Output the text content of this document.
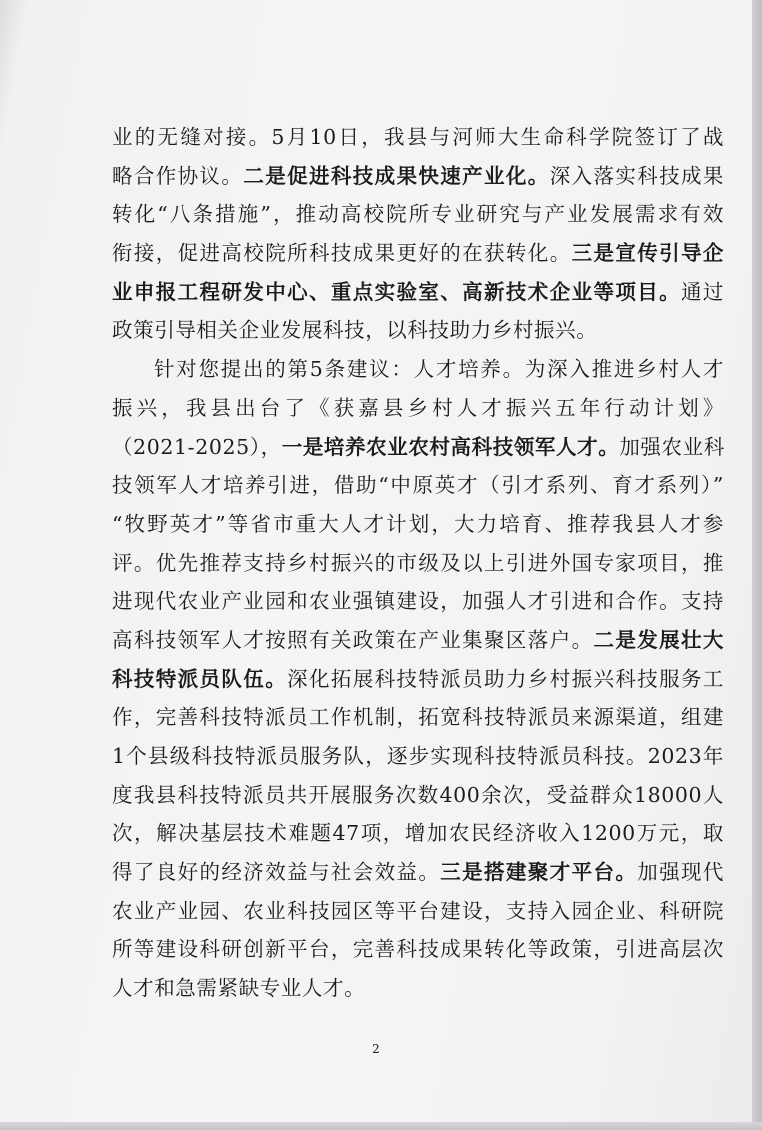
业的无缝对接。5月10日，我县与河师大生命科学院签订了战
略合作协议。二是促进科技成果快速产业化。深入落实科技成果
转化“八条措施”，推动高校院所专业研究与产业发展需求有效
衔接，促进高校院所科技成果更好的在获转化。三是宣传引导企
业申报工程研发中心、重点实验室、高新技术企业等项目。通过
政策引导相关企业发展科技，以科技助力乡村振兴。
针对您提出的第5条建议：人才培养。为深入推进乡村人才
振兴，我县出台了《获嘉县乡村人才振兴五年行动计划》
（2021-2025），一是培养农业农村高科技领军人才。加强农业科
技领军人才培养引进，借助“中原英才（引才系列、育才系列）”
“牧野英才”等省市重大人才计划，大力培育、推荐我县人才参
评。优先推荐支持乡村振兴的市级及以上引进外国专家项目，推
进现代农业产业园和农业强镇建设，加强人才引进和合作。支持
高科技领军人才按照有关政策在产业集聚区落户。二是发展壮大
科技特派员队伍。深化拓展科技特派员助力乡村振兴科技服务工
作，完善科技特派员工作机制，拓宽科技特派员来源渠道，组建
1个县级科技特派员服务队，逐步实现科技特派员科技。2023年
度我县科技特派员共开展服务次数400余次，受益群众18000人
次，解决基层技术难题47项，增加农民经济收入1200万元，取
得了良好的经济效益与社会效益。三是搭建聚才平台。加强现代
农业产业园、农业科技园区等平台建设，支持入园企业、科研院
所等建设科研创新平台，完善科技成果转化等政策，引进高层次
人才和急需紧缺专业人才。
2
